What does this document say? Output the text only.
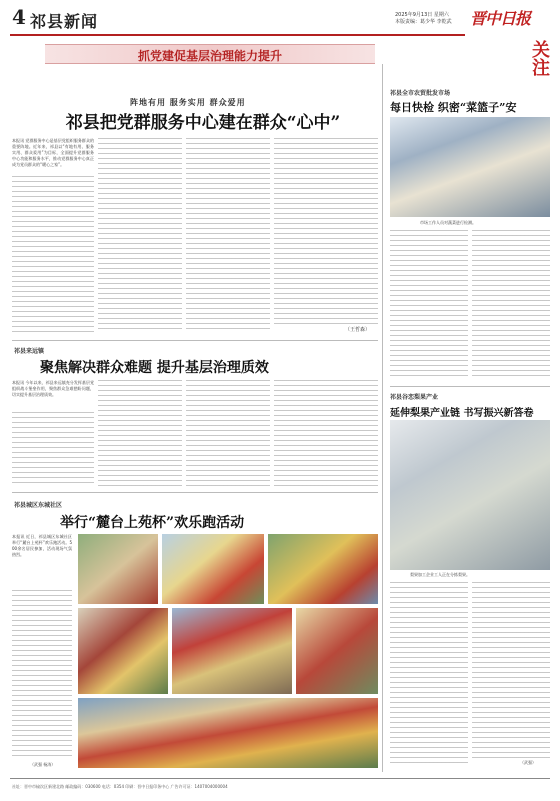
4 祁县新闻	2025年9月13日 星期六
本版责编：葛少华 李乾武 晋中日报
关注
抓党建促基层治理能力提升
阵地有用 服务实用 群众爱用
祁县把党群服务中心建在群众“心中”
本报讯 党群服务中心是基层党组织服务群众的重要阵地。近年来，祁县以“有地有用、服务实用、群众爱用”为目标，全面提升党群服务中心功能和服务水平，推动党群服务中心真正成为党员群众的“暖心之家”。
（王哲森）
祁县全市农贸批发市场
每日快检 织密“菜篮子”安
市场工作人员对蔬菜进行检测。
祁县来远镇
聚焦解决群众难题 提升基层治理质效
本报讯 今年以来，祁县来远镇充分发挥基层党组织战斗堡垒作用，聚焦群众急难愁盼问题，切实提升基层治理质效。
祁县城区东城社区
举行“麓台上苑杯”欢乐跑活动
本报讯 近日，祁县城区东城社区举行“麓台上苑杯”欢乐跑活动。500余名居民参加，活动现场气氛热烈。
（武强 杨涛）
祁县谷恋梨果产业
延伸梨果产业链 书写振兴新答卷
梨果加工企业工人正在分拣梨果。
（武强）
社址：晋中市榆次区新建北路 邮政编码：030600 电话：0354 印刷：晋中日报印务中心 广告许可证：1407004000004
